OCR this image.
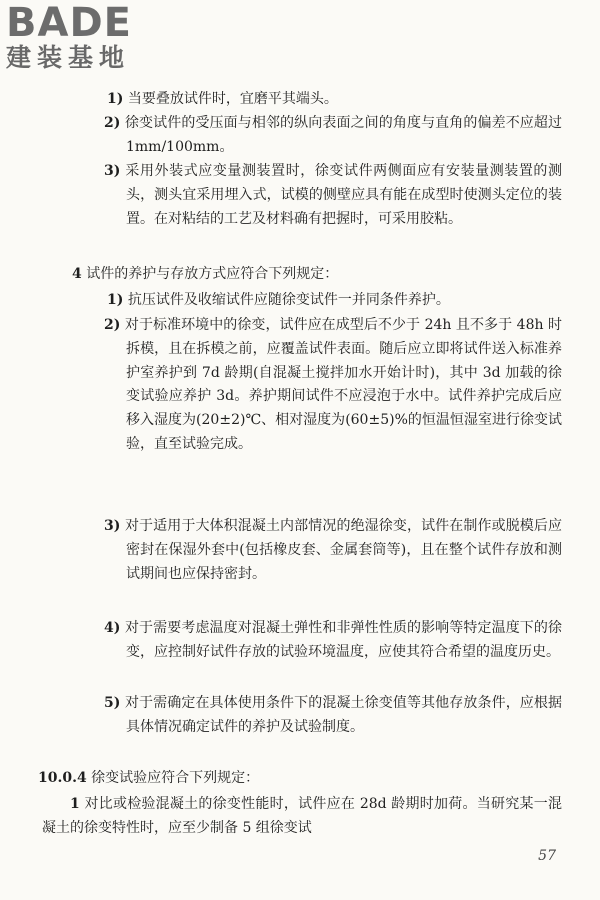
BADE
建装基地
1) 当要叠放试件时，宜磨平其端头。
2) 徐变试件的受压面与相邻的纵向表面之间的角度与直角的偏差不应超过 1mm/100mm。
3) 采用外装式应变量测装置时，徐变试件两侧面应有安装量测装置的测头，测头宜采用埋入式，试模的侧壁应具有能在成型时使测头定位的装置。在对粘结的工艺及材料确有把握时，可采用胶粘。
4 试件的养护与存放方式应符合下列规定：
1) 抗压试件及收缩试件应随徐变试件一并同条件养护。
2) 对于标准环境中的徐变，试件应在成型后不少于 24h 且不多于 48h 时拆模，且在拆模之前，应覆盖试件表面。随后应立即将试件送入标准养护室养护到 7d 龄期(自混凝土搅拌加水开始计时)，其中 3d 加载的徐变试验应养护 3d。养护期间试件不应浸泡于水中。试件养护完成后应移入湿度为(20±2)℃、相对湿度为(60±5)%的恒温恒湿室进行徐变试验，直至试验完成。
3) 对于适用于大体积混凝土内部情况的绝湿徐变，试件在制作或脱模后应密封在保湿外套中(包括橡皮套、金属套筒等)，且在整个试件存放和测试期间也应保持密封。
4) 对于需要考虑温度对混凝土弹性和非弹性性质的影响等特定温度下的徐变，应控制好试件存放的试验环境温度，应使其符合希望的温度历史。
5) 对于需确定在具体使用条件下的混凝土徐变值等其他存放条件，应根据具体情况确定试件的养护及试验制度。
10.0.4 徐变试验应符合下列规定：
1 对比或检验混凝土的徐变性能时，试件应在 28d 龄期时加荷。当研究某一混凝土的徐变特性时，应至少制备 5 组徐变试
57
